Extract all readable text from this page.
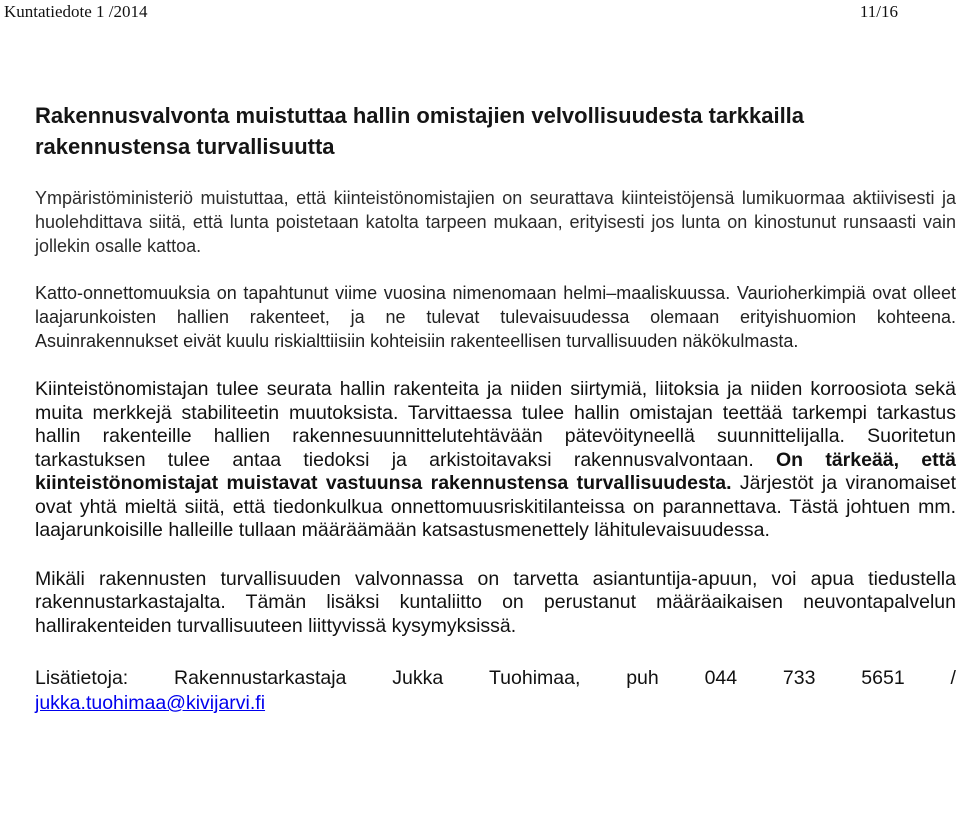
Kuntatiedote 1 /2014	11/16
Rakennusvalvonta muistuttaa hallin omistajien velvollisuudesta tarkkailla rakennustensa turvallisuutta

Ympäristöministeriö muistuttaa, että kiinteistönomistajien on seurattava kiinteistöjensä lumikuormaa aktiivisesti ja huolehdittava siitä, että lunta poistetaan katolta tarpeen mukaan, erityisesti jos lunta on kinostunut runsaasti vain jollekin osalle kattoa.

Katto-onnettomuuksia on tapahtunut viime vuosina nimenomaan helmi–maaliskuussa. Vaurioherkimpiä ovat olleet laajarunkoisten hallien rakenteet, ja ne tulevat tulevaisuudessa olemaan erityishuomion kohteena. Asuinrakennukset eivät kuulu riskialttiisiin kohteisiin rakenteellisen turvallisuuden näkökulmasta.

Kiinteistönomistajan tulee seurata hallin rakenteita ja niiden siirtymiä, liitoksia ja niiden korroosiota sekä muita merkkejä stabiliteetin muutoksista. Tarvittaessa tulee hallin omistajan teettää tarkempi tarkastus hallin rakenteille hallien rakennesuunnittelutehtävään pätevöityneellä suunnittelijalla. Suoritetun tarkastuksen tulee antaa tiedoksi ja arkistoitavaksi rakennusvalvontaan. On tärkeää, että kiinteistönomistajat muistavat vastuunsa rakennustensa turvallisuudesta. Järjestöt ja viranomaiset ovat yhtä mieltä siitä, että tiedonkulkua onnettomuusriskitilanteissa on parannettava. Tästä johtuen mm. laajarunkoisille halleille tullaan määräämään katsastusmenettely lähitulevaisuudessa.

Mikäli rakennusten turvallisuuden valvonnassa on tarvetta asiantuntija-apuun, voi apua tiedustella rakennustarkastajalta. Tämän lisäksi kuntaliitto on perustanut määräaikaisen neuvontapalvelun hallirakenteiden turvallisuuteen liittyvissä kysymyksissä.

Lisätietoja: Rakennustarkastaja Jukka Tuohimaa, puh 044 733 5651 /
jukka.tuohimaa@kivijarvi.fi
